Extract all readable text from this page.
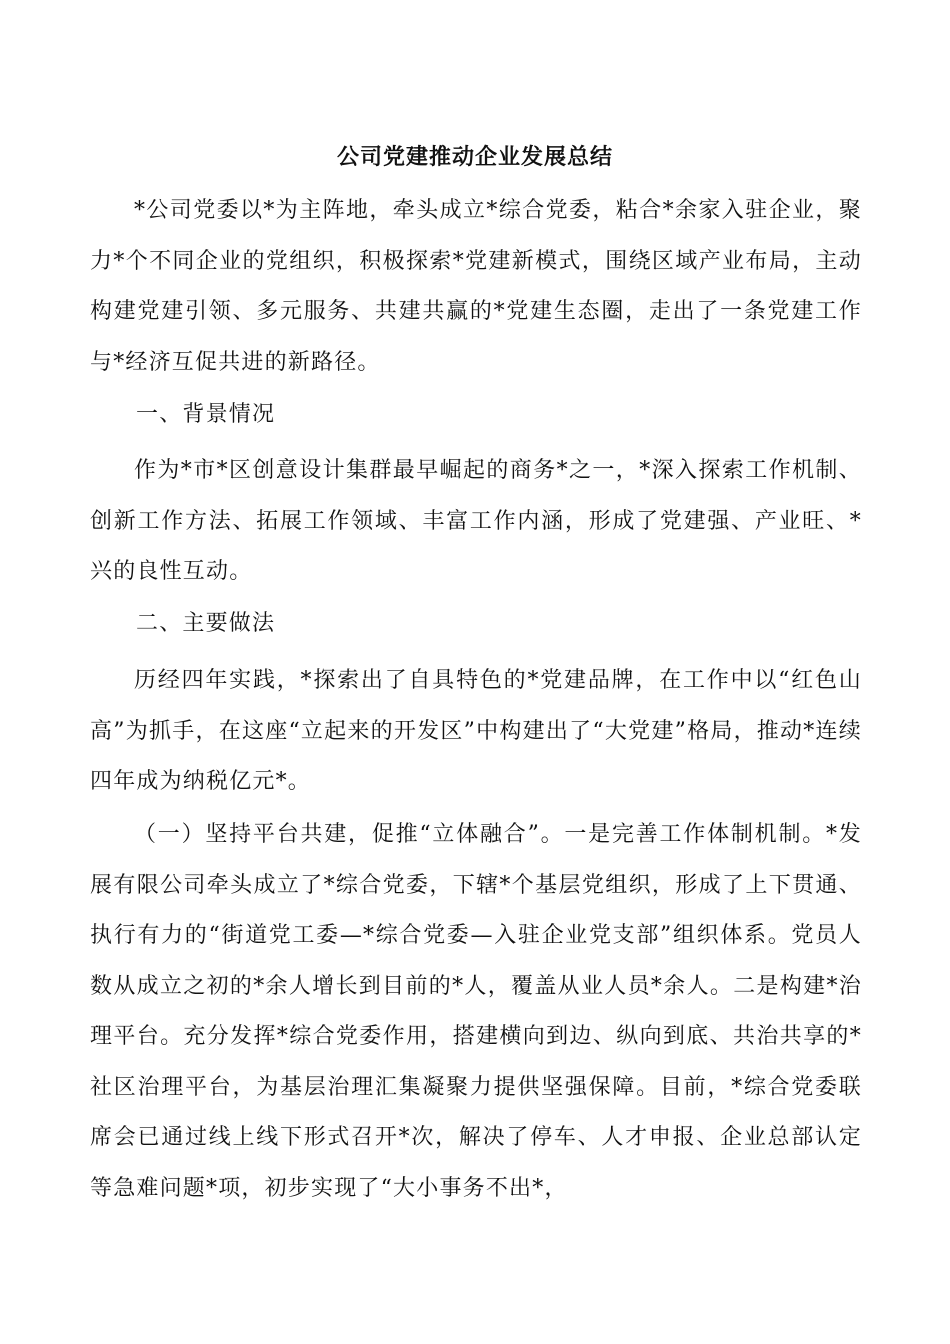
公司党建推动企业发展总结

*公司党委以*为主阵地，牵头成立*综合党委，粘合*余家入驻企业，聚力*个不同企业的党组织，积极探索*党建新模式，围绕区域产业布局，主动构建党建引领、多元服务、共建共赢的*党建生态圈，走出了一条党建工作与*经济互促共进的新路径。

一、背景情况

作为*市*区创意设计集群最早崛起的商务*之一，*深入探索工作机制、创新工作方法、拓展工作领域、丰富工作内涵，形成了党建强、产业旺、*兴的良性互动。

二、主要做法

历经四年实践，*探索出了自具特色的*党建品牌，在工作中以“红色山高”为抓手，在这座“立起来的开发区”中构建出了“大党建”格局，推动*连续四年成为纳税亿元*。

（一）坚持平台共建，促推“立体融合”。一是完善工作体制机制。*发展有限公司牵头成立了*综合党委，下辖*个基层党组织，形成了上下贯通、执行有力的“街道党工委—*综合党委—入驻企业党支部”组织体系。党员人数从成立之初的*余人增长到目前的*人，覆盖从业人员*余人。二是构建*治理平台。充分发挥*综合党委作用，搭建横向到边、纵向到底、共治共享的*社区治理平台，为基层治理汇集凝聚力提供坚强保障。目前，*综合党委联席会已通过线上线下形式召开*次，解决了停车、人才申报、企业总部认定等急难问题*项，初步实现了“大小事务不出*，
